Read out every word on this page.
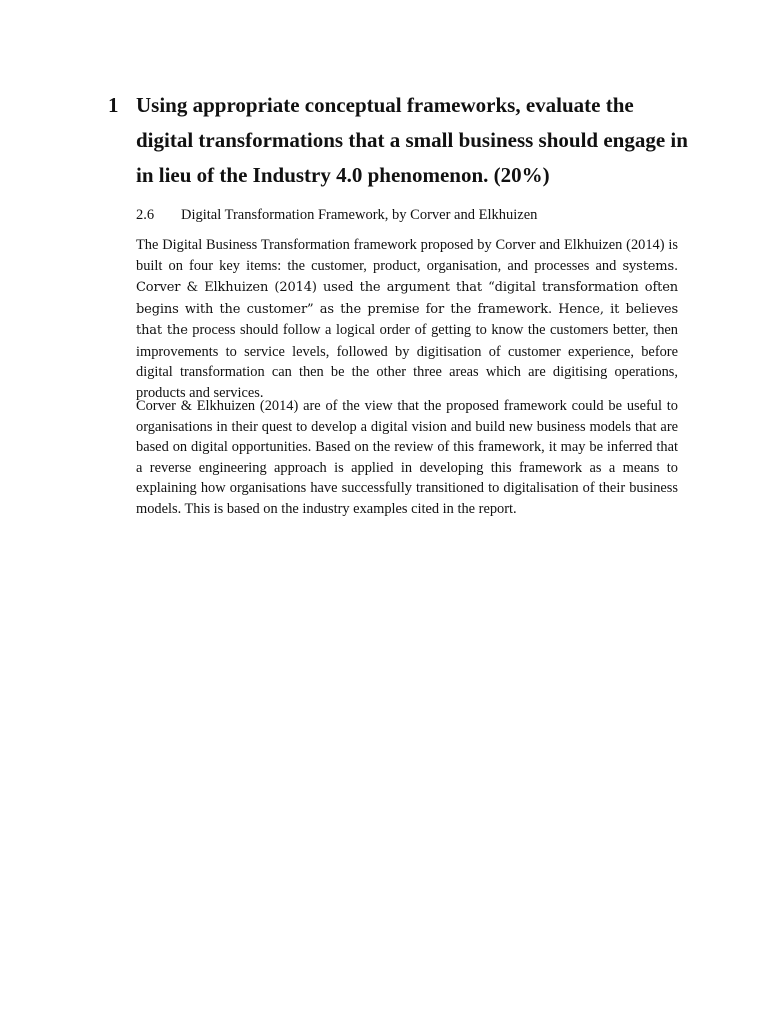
1 Using appropriate conceptual frameworks, evaluate the digital transformations that a small business should engage in in lieu of the Industry 4.0 phenomenon. (20%)
2.6	Digital Transformation Framework, by Corver and Elkhuizen

The Digital Business Transformation framework proposed by Corver and Elkhuizen (2014) is built on four key items: the customer, product, organisation, and processes and systems. Corver & Elkhuizen (2014) used the argument that “digital transformation often begins with the customer” as the premise for the framework. Hence, it believes that the process should follow a logical order of getting to know the customers better, then improvements to service levels, followed by digitisation of customer experience, before digital transformation can then be the other three areas which are digitising operations, products and services.

Corver & Elkhuizen (2014) are of the view that the proposed framework could be useful to organisations in their quest to develop a digital vision and build new business models that are based on digital opportunities. Based on the review of this framework, it may be inferred that a reverse engineering approach is applied in developing this framework as a means to explaining how organisations have successfully transitioned to digitalisation of their business models. This is based on the industry examples cited in the report.
